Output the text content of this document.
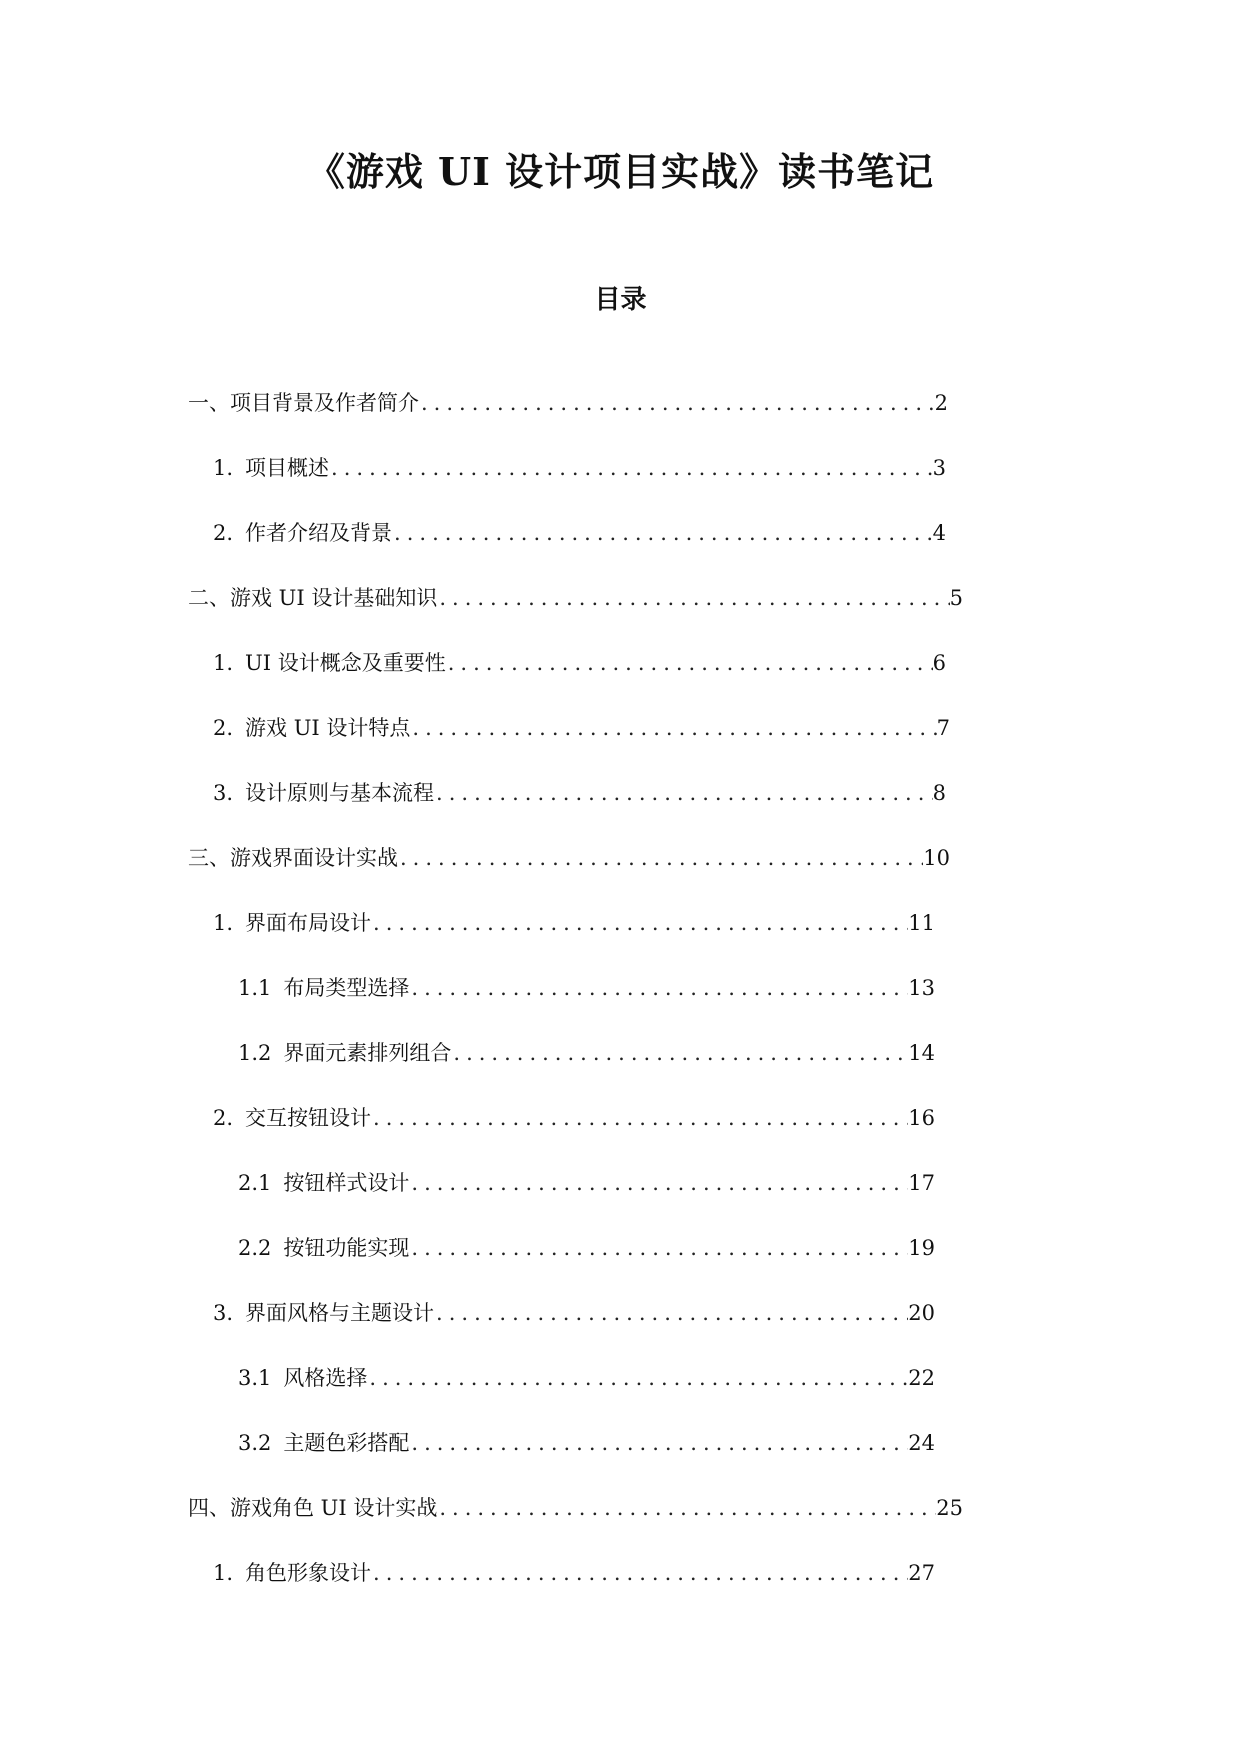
《游戏 UI 设计项目实战》读书笔记
目录
一、项目背景及作者简介 .....	2
1. 项目概述 .....	3
2. 作者介绍及背景 .....	4
二、游戏 UI 设计基础知识 .....	5
1. UI 设计概念及重要性 .....	6
2. 游戏 UI 设计特点 .....	7
3. 设计原则与基本流程 .....	8
三、游戏界面设计实战 .....	10
1. 界面布局设计 .....	11
1.1 布局类型选择 .....	13
1.2 界面元素排列组合 .....	14
2. 交互按钮设计 .....	16
2.1 按钮样式设计 .....	17
2.2 按钮功能实现 .....	19
3. 界面风格与主题设计 .....	20
3.1 风格选择 .....	22
3.2 主题色彩搭配 .....	24
四、游戏角色 UI 设计实战 .....	25
1. 角色形象设计 .....	27
